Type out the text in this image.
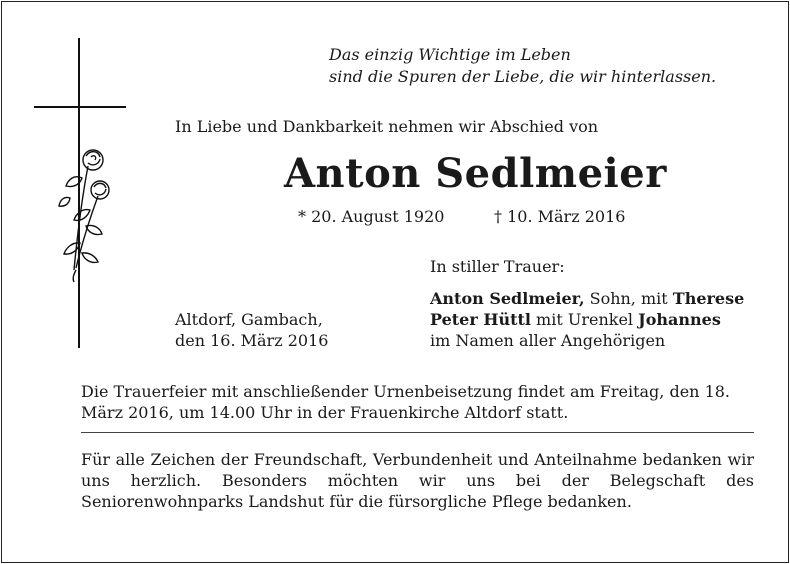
Das einzig Wichtige im Leben
sind die Spuren der Liebe, die wir hinterlassen.
In Liebe und Dankbarkeit nehmen wir Abschied von
Anton Sedlmeier
* 20. August 1920	† 10. März 2016
In stiller Trauer:
Anton Sedlmeier, Sohn, mit Therese
Peter Hüttl mit Urenkel Johannes
im Namen aller Angehörigen
Altdorf, Gambach,
den 16. März 2016
Die Trauerfeier mit anschließender Urnenbeisetzung findet am Freitag, den 18. März 2016, um 14.00 Uhr in der Frauenkirche Altdorf statt.
Für alle Zeichen der Freundschaft, Verbundenheit und Anteilnahme bedanken wir uns herzlich. Besonders möchten wir uns bei der Belegschaft des Seniorenwohnparks Landshut für die fürsorgliche Pflege bedanken.
